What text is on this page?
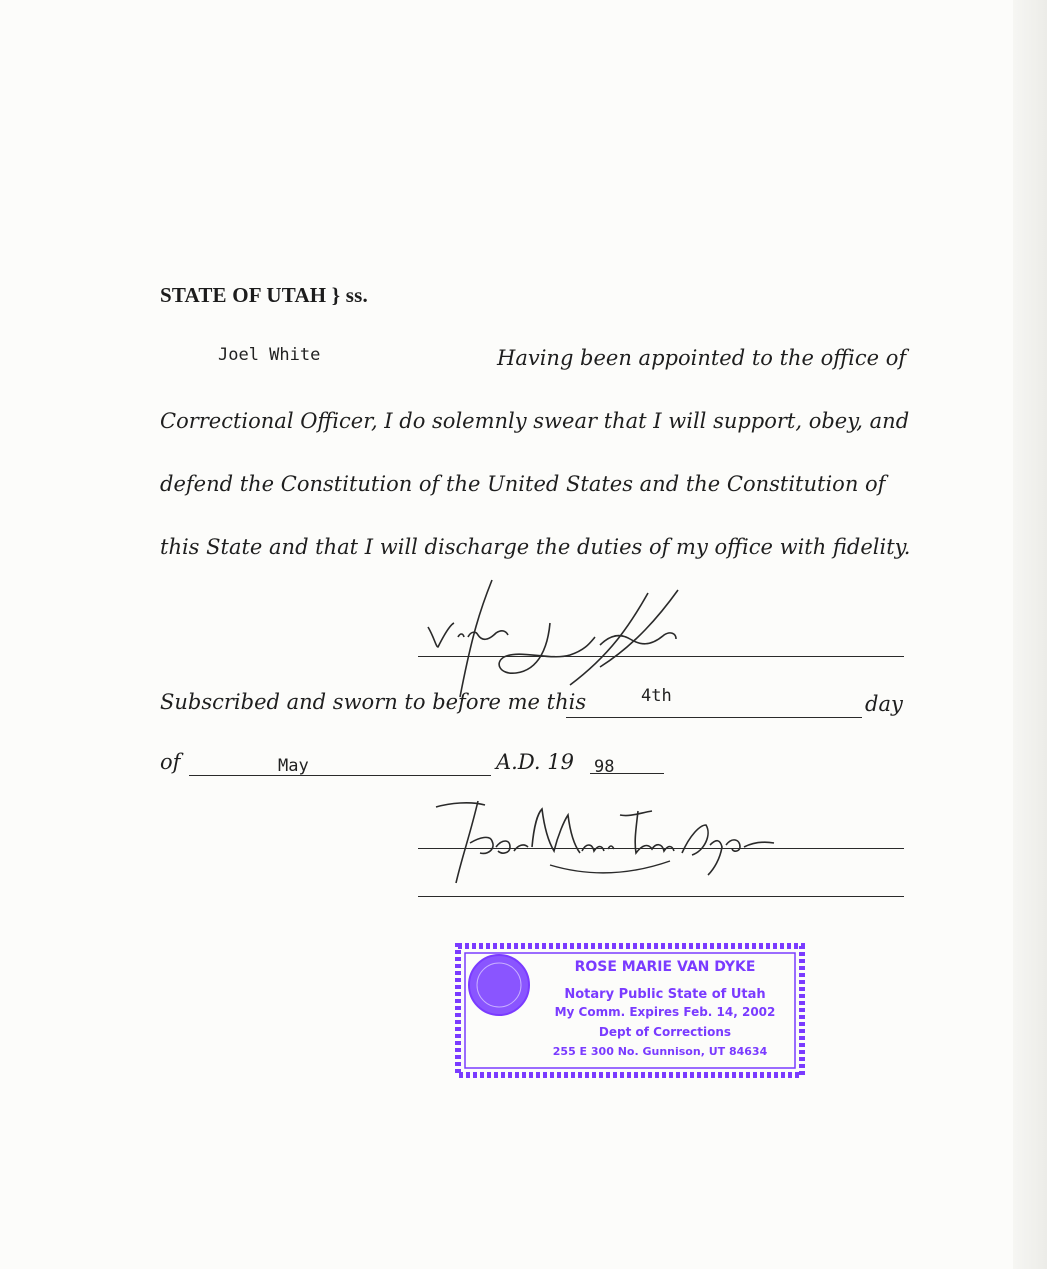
STATE OF UTAH } ss.
Joel White	Having been appointed to the office of
Correctional Officer, I do solemnly swear that I will support, obey, and
defend the Constitution of the United States and the Constitution of
this State and that I will discharge the duties of my office with fidelity.
Subscribed and sworn to before me this	4th	day
of	May	A.D. 19 98
ROSE MARIE VAN DYKE
Notary Public State of Utah
My Comm. Expires Feb. 14, 2002
Dept of Corrections
255 E 300 No. Gunnison, UT 84634
